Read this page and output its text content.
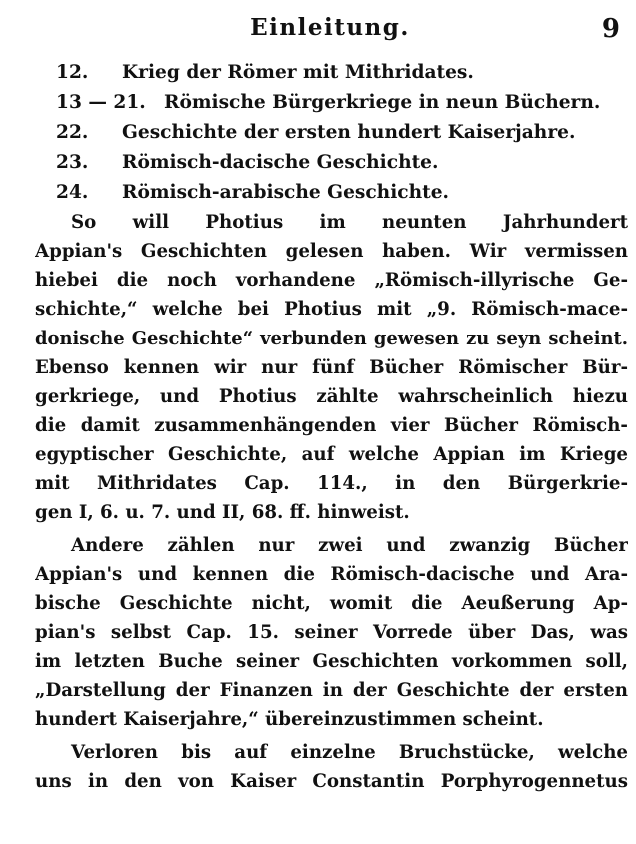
Einleitung.	9
12. Krieg der Römer mit Mithridates.
13 — 21. Römische Bürgerkriege in neun Büchern.
22. Geschichte der ersten hundert Kaiserjahre.
23. Römisch-dacische Geschichte.
24. Römisch-arabische Geschichte.
So will Photius im neunten Jahrhundert
Appian's Geschichten gelesen haben. Wir vermissen
hiebei die noch vorhandene „Römisch-illyrische Ge-
schichte,“ welche bei Photius mit „9. Römisch-mace-
donische Geschichte“ verbunden gewesen zu seyn scheint.
Ebenso kennen wir nur fünf Bücher Römischer Bür-
gerkriege, und Photius zählte wahrscheinlich hiezu
die damit zusammenhängenden vier Bücher Römisch-
egyptischer Geschichte, auf welche Appian im Kriege
mit Mithridates Cap. 114., in den Bürgerkrie-
gen I, 6. u. 7. und II, 68. ff. hinweist.
Andere zählen nur zwei und zwanzig Bücher
Appian's und kennen die Römisch-dacische und Ara-
bische Geschichte nicht, womit die Aeußerung Ap-
pian's selbst Cap. 15. seiner Vorrede über Das, was
im letzten Buche seiner Geschichten vorkommen soll,
„Darstellung der Finanzen in der Geschichte der ersten
hundert Kaiserjahre,“ übereinzustimmen scheint.
Verloren bis auf einzelne Bruchstücke, welche
uns in den von Kaiser Constantin Porphyrogennetus
